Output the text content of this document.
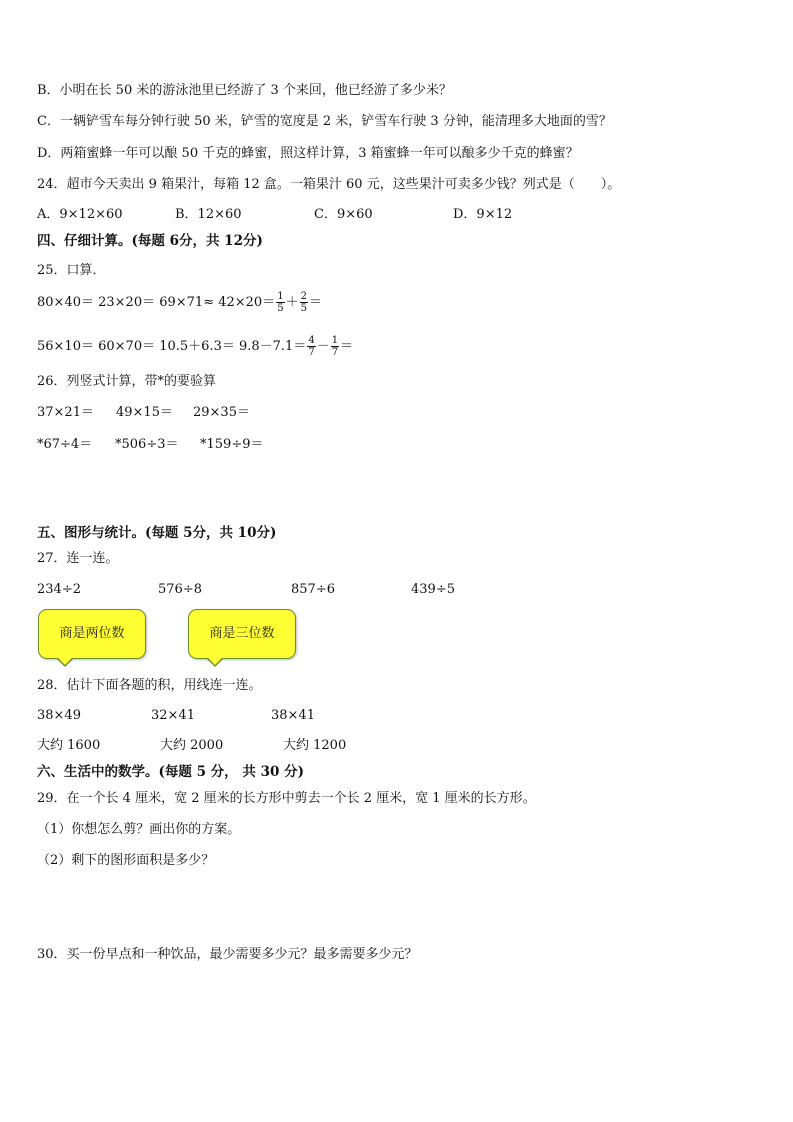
B．小明在长 50 米的游泳池里已经游了 3 个来回，他已经游了多少米？
C．一辆铲雪车每分钟行驶 50 米，铲雪的宽度是 2 米，铲雪车行驶 3 分钟，能清理多大地面的雪？
D．两箱蜜蜂一年可以酿 50 千克的蜂蜜，照这样计算，3 箱蜜蜂一年可以酿多少千克的蜂蜜？
24．超市今天卖出 9 箱果汁，每箱 12 盒。一箱果汁 60 元，这些果汁可卖多少钱？列式是（　　）。
A．9×12×60	B．12×60	C．9×60	D．9×12
四、仔细计算。(每题 6分，共 12分)
25．口算．
$80\times 40= 23\times 20= 69\times 71\approx 42\times 20= \frac{1}{5} + \frac{2}{5}$ ＝
$56\times 10= 60\times 70= 10.5+6.3= 9.8-7.1= \frac{4}{7} - \frac{1}{7}$ ＝
26．列竖式计算，带*的要验算
37×21＝ 49×15＝ 29×35＝
*67÷4＝ *506÷3＝ *159÷9＝
五、图形与统计。(每题 5分，共 10分)
27．连一连。
234÷2	576÷8	857÷6	439÷5
商是两位数	商是三位数
28．估计下面各题的积，用线连一连。
38×49	32×41	38×41
大约 1600	大约 2000	大约 1200
六、生活中的数学。(每题 5 分， 共 30 分)
29．在一个长 4 厘米，宽 2 厘米的长方形中剪去一个长 2 厘米，宽 1 厘米的长方形。
（1）你想怎么剪？画出你的方案。
（2）剩下的图形面积是多少？
30．买一份早点和一种饮品，最少需要多少元？最多需要多少元？
